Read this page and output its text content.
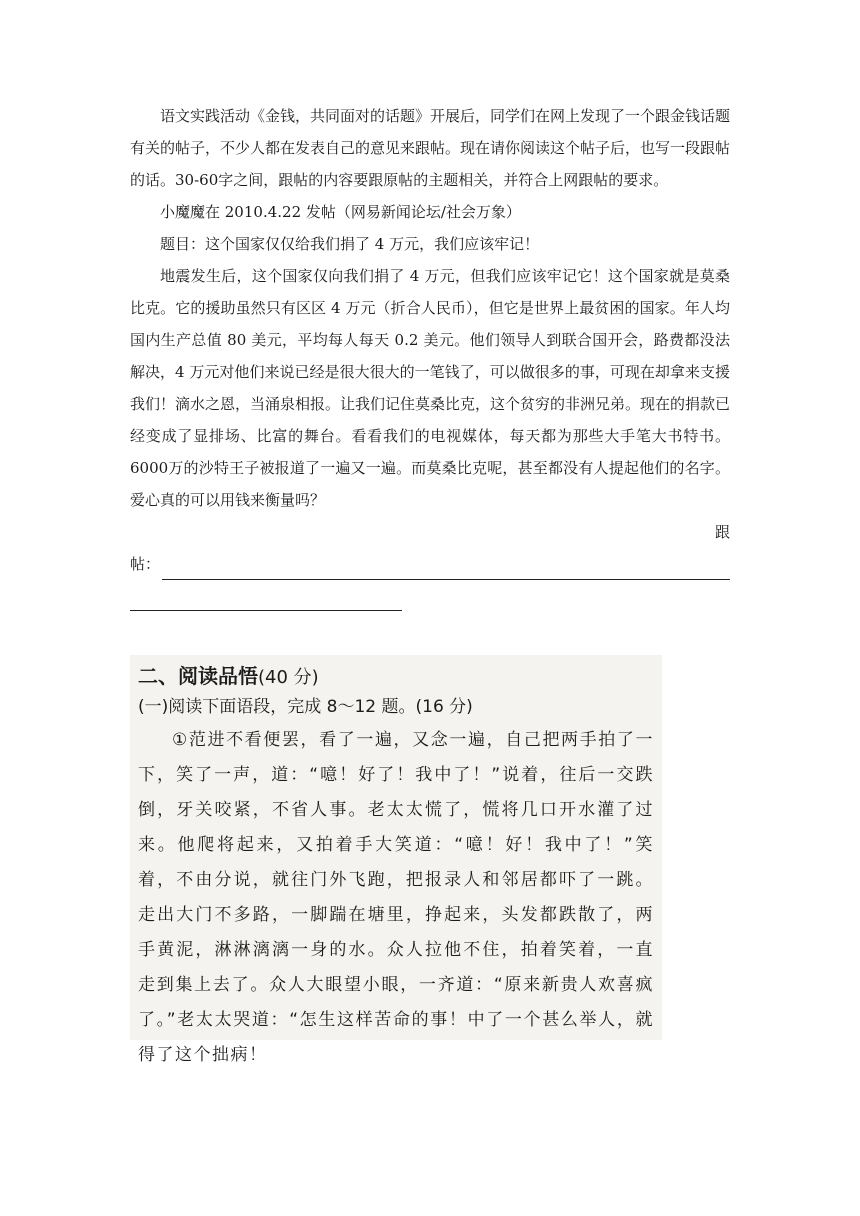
语文实践活动《金钱，共同面对的话题》开展后，同学们在网上发现了一个跟金钱话题有关的帖子，不少人都在发表自己的意见来跟帖。现在请你阅读这个帖子后，也写一段跟帖的话。30-60字之间，跟帖的内容要跟原帖的主题相关，并符合上网跟帖的要求。

小魔魔在 2010.4.22 发帖（网易新闻论坛/社会万象）

题目：这个国家仅仅给我们捐了 4 万元，我们应该牢记！

地震发生后，这个国家仅向我们捐了 4 万元，但我们应该牢记它！这个国家就是莫桑比克。它的援助虽然只有区区 4 万元（折合人民币），但它是世界上最贫困的国家。年人均国内生产总值 80 美元，平均每人每天 0.2 美元。他们领导人到联合国开会，路费都没法解决，4 万元对他们来说已经是很大很大的一笔钱了，可以做很多的事，可现在却拿来支援我们！滴水之恩，当涌泉相报。让我们记住莫桑比克，这个贫穷的非洲兄弟。现在的捐款已经变成了显排场、比富的舞台。看看我们的电视媒体，每天都为那些大手笔大书特书。6000万的沙特王子被报道了一遍又一遍。而莫桑比克呢，甚至都没有人提起他们的名字。爱心真的可以用钱来衡量吗？

跟

帖：

二、阅读品悟(40 分)

(一)阅读下面语段，完成 8～12 题。(16 分)

①范进不看便罢，看了一遍，又念一遍，自己把两手拍了一下，笑了一声，道：“噫！好了！我中了！”说着，往后一交跌倒，牙关咬紧，不省人事。老太太慌了，慌将几口开水灌了过来。他爬将起来，又拍着手大笑道：“噫！好！我中了！”笑着，不由分说，就往门外飞跑，把报录人和邻居都吓了一跳。走出大门不多路，一脚踹在塘里，挣起来，头发都跌散了，两手黄泥，淋淋漓漓一身的水。众人拉他不住，拍着笑着，一直走到集上去了。众人大眼望小眼，一齐道：“原来新贵人欢喜疯了。”老太太哭道：“怎生这样苦命的事！中了一个甚么举人，就得了这个拙病！
